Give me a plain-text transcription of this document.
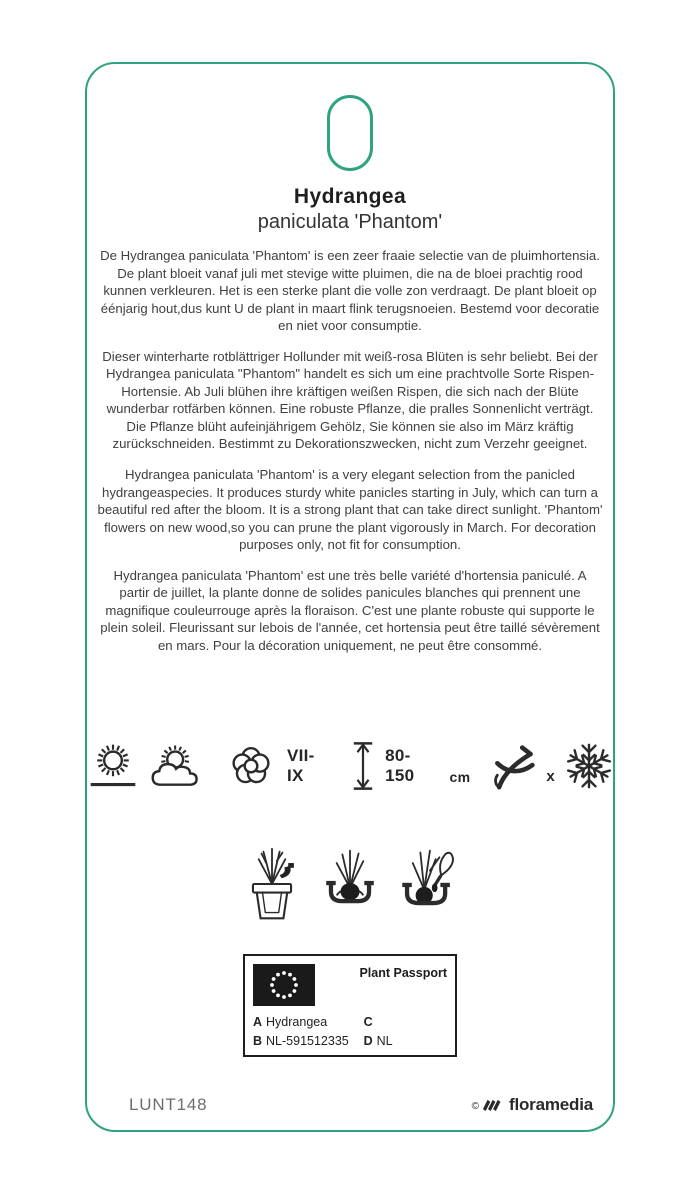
Hydrangea
paniculata 'Phantom'

De Hydrangea paniculata 'Phantom' is een zeer fraaie selectie van de pluimhortensia. De plant bloeit vanaf juli met stevige witte pluimen, die na de bloei prachtig rood kunnen verkleuren. Het is een sterke plant die volle zon verdraagt. De plant bloeit op éénjarig hout,dus kunt U de plant in maart flink terugsnoeien. Bestemd voor decoratie en niet voor consumptie.

Dieser winterharte rotblättriger Hollunder mit weiß-rosa Blüten is sehr beliebt. Bei der Hydrangea paniculata "Phantom" handelt es sich um eine prachtvolle Sorte Rispen-Hortensie. Ab Juli blühen ihre kräftigen weißen Rispen, die sich nach der Blüte wunderbar rotfärben können. Eine robuste Pflanze, die pralles Sonnenlicht verträgt. Die Pflanze blüht aufeinjährigem Gehölz, Sie können sie also im März kräftig zurückschneiden. Bestimmt zu Dekorationszwecken, nicht zum Verzehr geeignet.

Hydrangea paniculata 'Phantom' is a very elegant selection from the panicled hydrangeaspecies. It produces sturdy white panicles starting in July, which can turn a beautiful red after the bloom. It is a strong plant that can take direct sunlight. 'Phantom' flowers on new wood,so you can prune the plant vigorously in March. For decoration purposes only, not fit for consumption.

Hydrangea paniculata 'Phantom' est une très belle variété d'hortensia paniculé. A partir de juillet, la plante donne de solides panicules blanches qui prennent une magnifique couleurrouge après la floraison. C'est une plante robuste qui supporte le plein soleil. Fleurissant sur lebois de l'année, cet hortensia peut être taillé sévèrement en mars. Pour la décoration uniquement, ne peut être consommé.

VII-IX
80-150	cm	x
Plant Passport
A Hydrangea
B NL-591512335
C
D NL
LUNT148	© floramedia
